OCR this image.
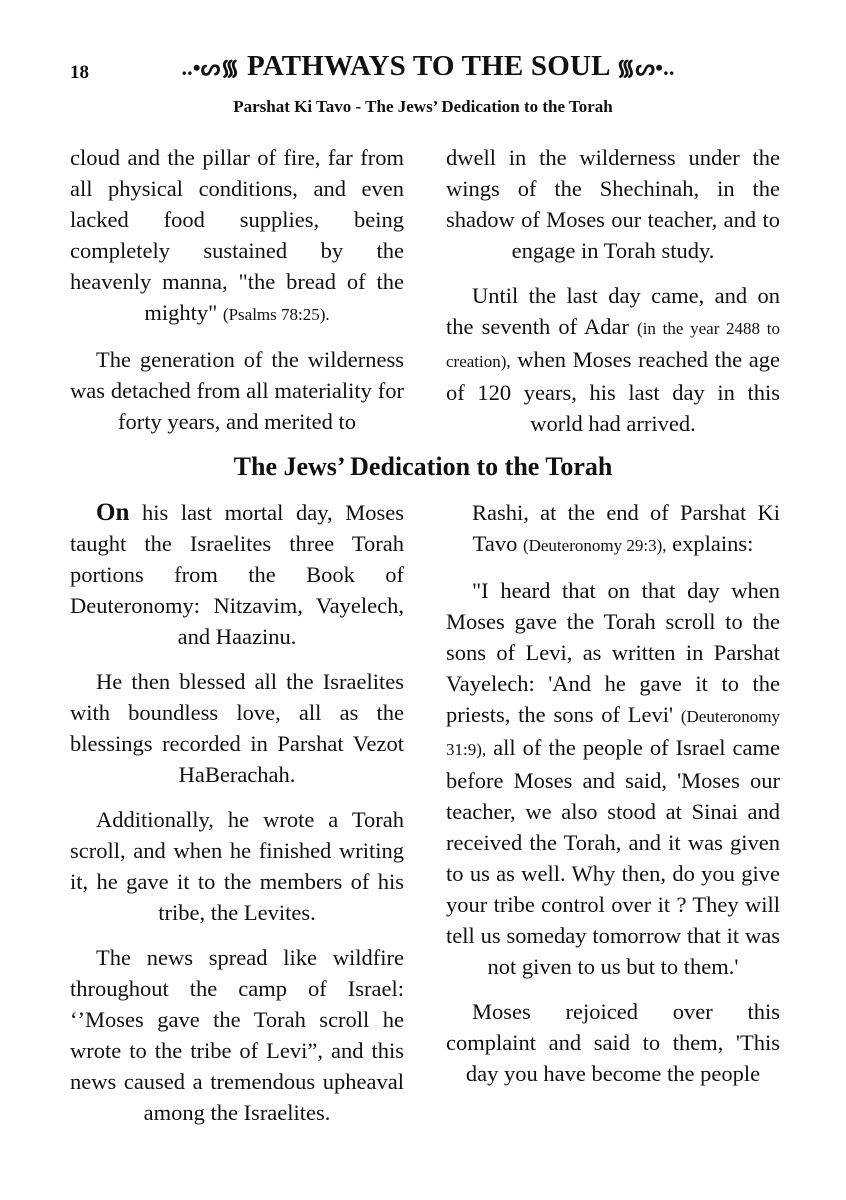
18	..•ᔕ᯾ PATHWAYS TO THE SOUL ᯾ᔕ•..
Parshat Ki Tavo - The Jews’ Dedication to the Torah

cloud and the pillar of fire, far from all physical conditions, and even lacked food supplies, being completely sustained by the heavenly manna, "the bread of the mighty" (Psalms 78:25).

The generation of the wilderness was detached from all materiality for forty years, and merited to

dwell in the wilderness under the wings of the Shechinah, in the shadow of Moses our teacher, and to engage in Torah study.

Until the last day came, and on the seventh of Adar (in the year 2488 to creation), when Moses reached the age of 120 years, his last day in this world had arrived.

The Jews’ Dedication to the Torah

On his last mortal day, Moses taught the Israelites three Torah portions from the Book of Deuteronomy: Nitzavim, Vayelech, and Haazinu.

He then blessed all the Israelites with boundless love, all as the blessings recorded in Parshat Vezot HaBerachah.

Additionally, he wrote a Torah scroll, and when he finished writing it, he gave it to the members of his tribe, the Levites.

The news spread like wildfire throughout the camp of Israel: ‘’Moses gave the Torah scroll he wrote to the tribe of Levi”, and this news caused a tremendous upheaval among the Israelites.

Rashi, at the end of Parshat Ki Tavo (Deuteronomy 29:3), explains:

"I heard that on that day when Moses gave the Torah scroll to the sons of Levi, as written in Parshat Vayelech: 'And he gave it to the priests, the sons of Levi' (Deuteronomy 31:9), all of the people of Israel came before Moses and said, 'Moses our teacher, we also stood at Sinai and received the Torah, and it was given to us as well. Why then, do you give your tribe control over it ? They will tell us someday tomorrow that it was not given to us but to them.'

Moses rejoiced over this complaint and said to them, 'This day you have become the people
